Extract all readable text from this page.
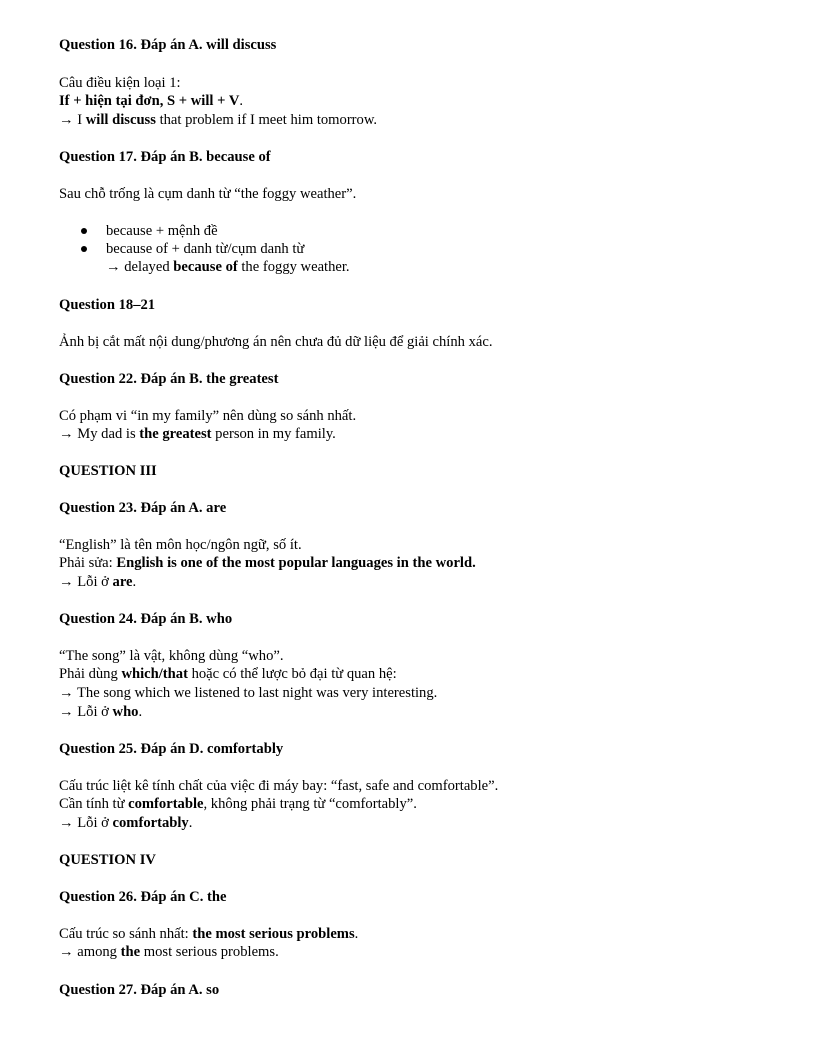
Question 16. Đáp án A. will discuss
Câu điều kiện loại 1:
If + hiện tại đơn, S + will + V.
→ I will discuss that problem if I meet him tomorrow.
Question 17. Đáp án B. because of
Sau chỗ trống là cụm danh từ “the foggy weather”.
because + mệnh đề
because of + danh từ/cụm danh từ
→ delayed because of the foggy weather.
Question 18–21
Ảnh bị cắt mất nội dung/phương án nên chưa đủ dữ liệu để giải chính xác.
Question 22. Đáp án B. the greatest
Có phạm vi “in my family” nên dùng so sánh nhất.
→ My dad is the greatest person in my family.
QUESTION III
Question 23. Đáp án A. are
“English” là tên môn học/ngôn ngữ, số ít.
Phải sửa: English is one of the most popular languages in the world.
→ Lỗi ở are.
Question 24. Đáp án B. who
“The song” là vật, không dùng “who”.
Phải dùng which/that hoặc có thể lược bỏ đại từ quan hệ:
→ The song which we listened to last night was very interesting.
→ Lỗi ở who.
Question 25. Đáp án D. comfortably
Cấu trúc liệt kê tính chất của việc đi máy bay: “fast, safe and comfortable”.
Cần tính từ comfortable, không phải trạng từ “comfortably”.
→ Lỗi ở comfortably.
QUESTION IV
Question 26. Đáp án C. the
Cấu trúc so sánh nhất: the most serious problems.
→ among the most serious problems.
Question 27. Đáp án A. so
